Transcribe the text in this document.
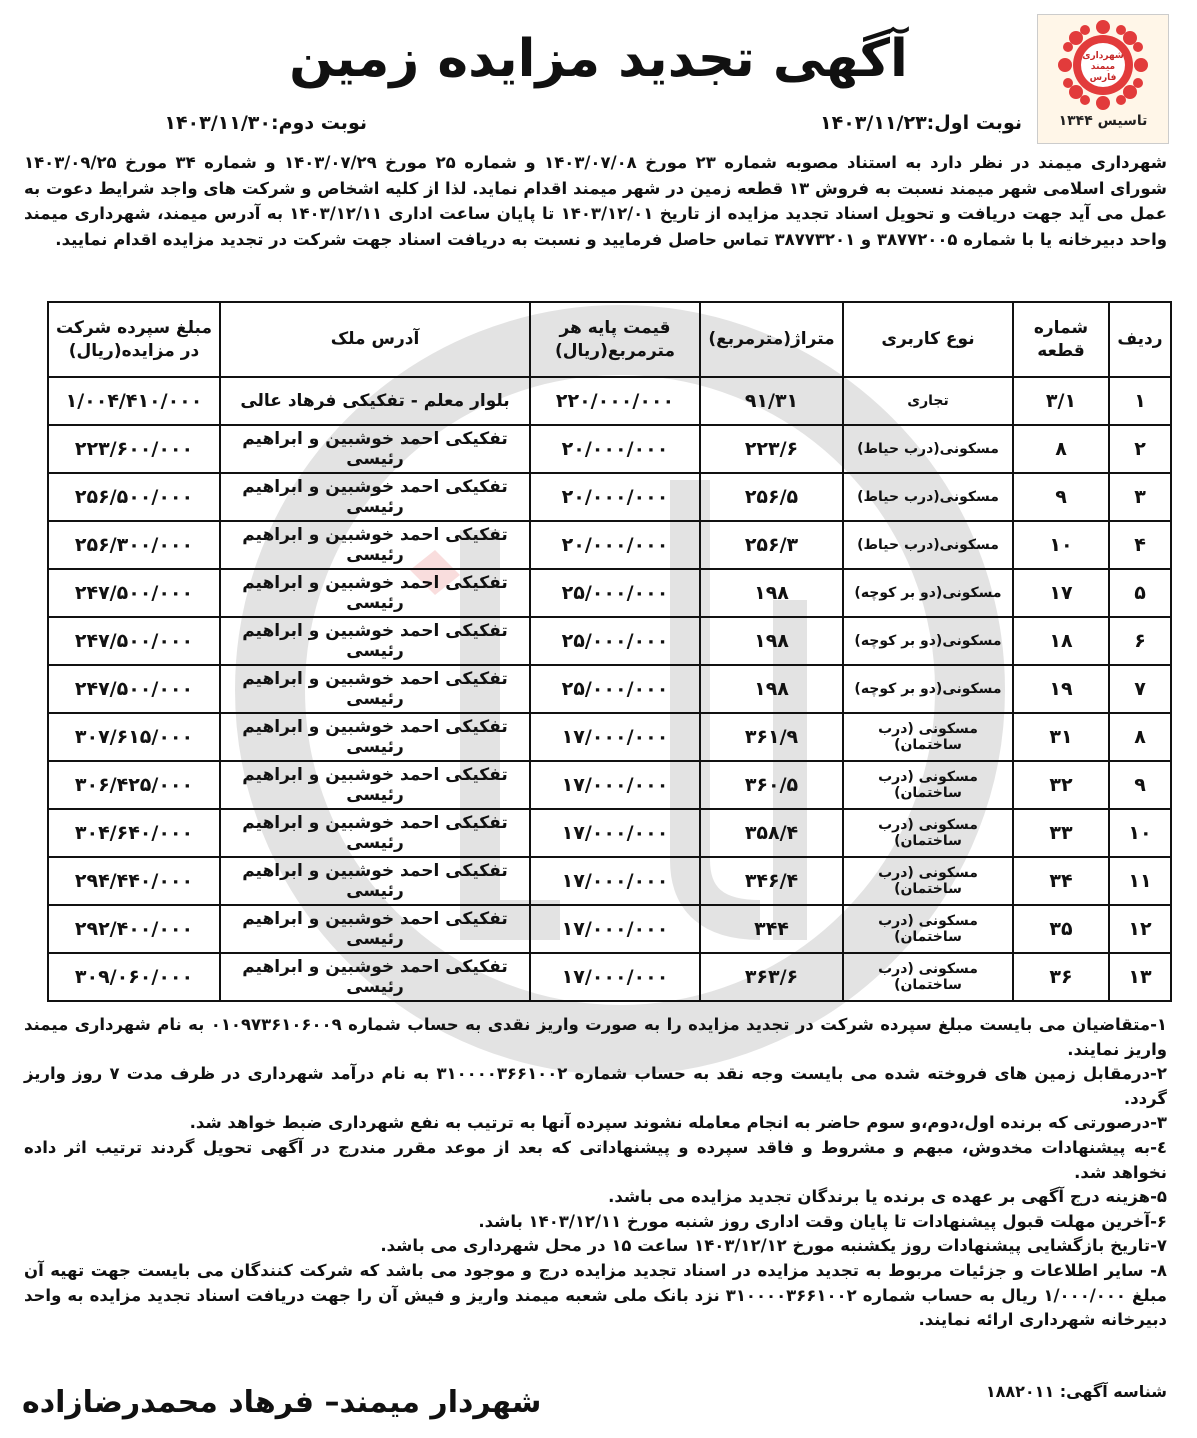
شهرداری
میمند
فارس
تاسیس ۱۳۴۴
آگهی تجدید مزایده زمین
نوبت اول:۱۴۰۳/۱۱/۲۳
نوبت دوم:۱۴۰۳/۱۱/۳۰
شهرداری میمند در نظر دارد به استناد مصوبه شماره ۲۳ مورخ ۱۴۰۳/۰۷/۰۸ و شماره ۲۵ مورخ ۱۴۰۳/۰۷/۲۹ و شماره ۳۴ مورخ ۱۴۰۳/۰۹/۲۵ شورای اسلامی شهر میمند نسبت به فروش ۱۳ قطعه زمین در شهر میمند اقدام نماید. لذا از کلیه اشخاص و شرکت های واجد شرایط دعوت به عمل می آید جهت دریافت و تحویل اسناد تجدید مزایده از تاریخ ۱۴۰۳/۱۲/۰۱ تا پایان ساعت اداری ۱۴۰۳/۱۲/۱۱ به آدرس میمند، شهرداری میمند واحد دبیرخانه یا با شماره ۳۸۷۷۲۰۰۵ و ۳۸۷۷۳۲۰۱ تماس حاصل فرمایید و نسبت به دریافت اسناد جهت شرکت در تجدید مزایده اقدام نمایید.
ردیف	شماره قطعه	نوع کاربری	متراژ(مترمربع)	قیمت پایه هر مترمربع(ریال)	آدرس ملک	مبلغ سپرده شرکت در مزایده(ریال)
۱	۳/۱	تجاری	۹۱/۳۱	۲۲۰/۰۰۰/۰۰۰	بلوار معلم - تفکیکی فرهاد عالی	۱/۰۰۴/۴۱۰/۰۰۰
۲	۸	مسکونی(درب حیاط)	۲۲۳/۶	۲۰/۰۰۰/۰۰۰	تفکیکی احمد خوشبین و ابراهیم رئیسی	۲۲۳/۶۰۰/۰۰۰
۳	۹	مسکونی(درب حیاط)	۲۵۶/۵	۲۰/۰۰۰/۰۰۰	تفکیکی احمد خوشبین و ابراهیم رئیسی	۲۵۶/۵۰۰/۰۰۰
۴	۱۰	مسکونی(درب حیاط)	۲۵۶/۳	۲۰/۰۰۰/۰۰۰	تفکیکی احمد خوشبین و ابراهیم رئیسی	۲۵۶/۳۰۰/۰۰۰
۵	۱۷	مسکونی(دو بر کوچه)	۱۹۸	۲۵/۰۰۰/۰۰۰	تفکیکی احمد خوشبین و ابراهیم رئیسی	۲۴۷/۵۰۰/۰۰۰
۶	۱۸	مسکونی(دو بر کوچه)	۱۹۸	۲۵/۰۰۰/۰۰۰	تفکیکی احمد خوشبین و ابراهیم رئیسی	۲۴۷/۵۰۰/۰۰۰
۷	۱۹	مسکونی(دو بر کوچه)	۱۹۸	۲۵/۰۰۰/۰۰۰	تفکیکی احمد خوشبین و ابراهیم رئیسی	۲۴۷/۵۰۰/۰۰۰
۸	۳۱	مسکونی (درب ساختمان)	۳۶۱/۹	۱۷/۰۰۰/۰۰۰	تفکیکی احمد خوشبین و ابراهیم رئیسی	۳۰۷/۶۱۵/۰۰۰
۹	۳۲	مسکونی (درب ساختمان)	۳۶۰/۵	۱۷/۰۰۰/۰۰۰	تفکیکی احمد خوشبین و ابراهیم رئیسی	۳۰۶/۴۲۵/۰۰۰
۱۰	۳۳	مسکونی (درب ساختمان)	۳۵۸/۴	۱۷/۰۰۰/۰۰۰	تفکیکی احمد خوشبین و ابراهیم رئیسی	۳۰۴/۶۴۰/۰۰۰
۱۱	۳۴	مسکونی (درب ساختمان)	۳۴۶/۴	۱۷/۰۰۰/۰۰۰	تفکیکی احمد خوشبین و ابراهیم رئیسی	۲۹۴/۴۴۰/۰۰۰
۱۲	۳۵	مسکونی (درب ساختمان)	۳۴۴	۱۷/۰۰۰/۰۰۰	تفکیکی احمد خوشبین و ابراهیم رئیسی	۲۹۲/۴۰۰/۰۰۰
۱۳	۳۶	مسکونی (درب ساختمان)	۳۶۳/۶	۱۷/۰۰۰/۰۰۰	تفکیکی احمد خوشبین و ابراهیم رئیسی	۳۰۹/۰۶۰/۰۰۰

۱-متقاضیان می بایست مبلغ سپرده شرکت در تجدید مزایده را به صورت واریز نقدی به حساب شماره ۰۱۰۹۷۳۶۱۰۶۰۰۹ به نام شهرداری میمند واریز نمایند.

۲-درمقابل زمین های فروخته شده می بایست وجه نقد به حساب شماره ۳۱۰۰۰۰۳۶۶۱۰۰۲ به نام درآمد شهرداری در ظرف مدت ۷ روز واریز گردد.

۳-درصورتی که برنده اول،دوم،و سوم حاضر به انجام معامله نشوند سپرده آنها به ترتیب به نفع شهرداری ضبط خواهد شد.

٤-به پیشنهادات مخدوش، مبهم و مشروط و فاقد سپرده و پیشنهاداتی که بعد از موعد مقرر مندرج در آگهی تحویل گردند ترتیب اثر داده نخواهد شد.

۵-هزینه درج آگهی بر عهده ی برنده یا برندگان تجدید مزایده می باشد.

۶-آخرین مهلت قبول پیشنهادات تا پایان وقت اداری روز شنبه مورخ ۱۴۰۳/۱۲/۱۱ باشد.

۷-تاریخ بازگشایی پیشنهادات روز یکشنبه مورخ ۱۴۰۳/۱۲/۱۲ ساعت ۱۵ در محل شهرداری می باشد.

۸- سایر اطلاعات و جزئیات مربوط به تجدید مزایده در اسناد تجدید مزایده درج و موجود می باشد که شرکت کنندگان می بایست جهت تهیه آن مبلغ ۱/۰۰۰/۰۰۰ ریال به حساب شماره ۳۱۰۰۰۰۳۶۶۱۰۰۲ نزد بانک ملی شعبه میمند واریز و فیش آن را جهت دریافت اسناد تجدید مزایده به واحد دبیرخانه شهرداری ارائه نمایند.

شناسه آگهی: ۱۸۸۲۰۱۱
شهردار میمند– فرهاد محمدرضازاده
